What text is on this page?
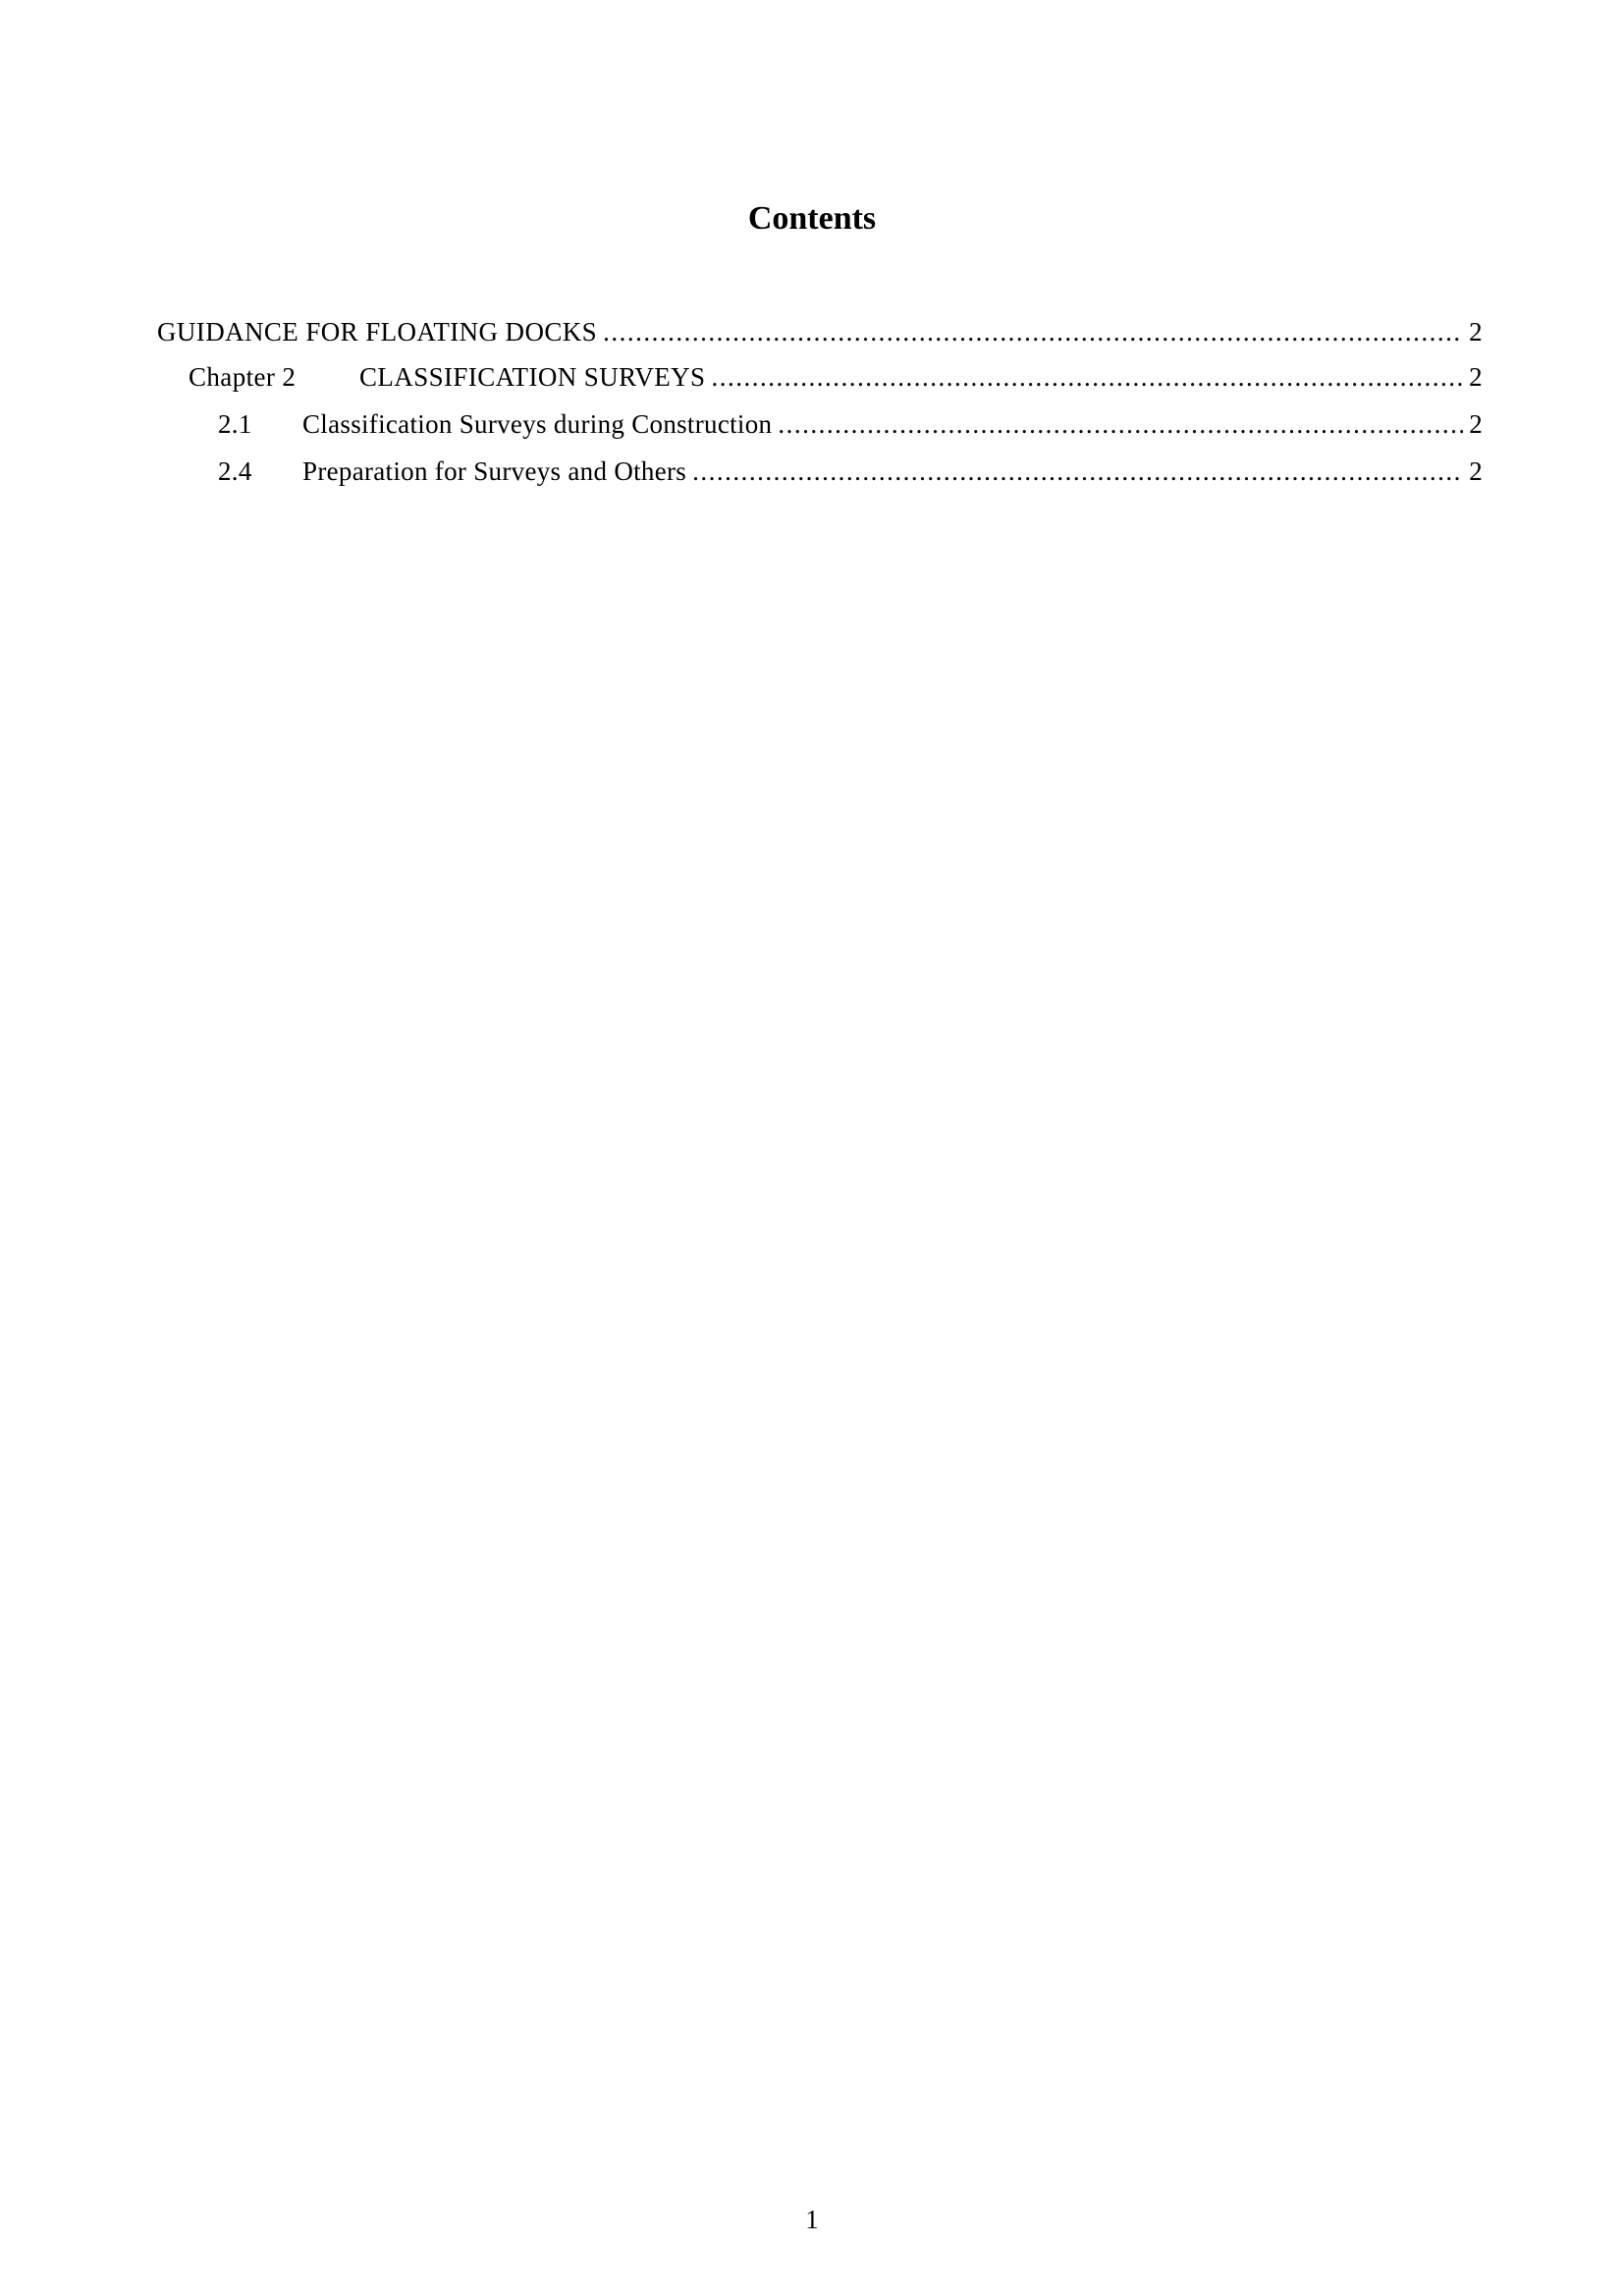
Contents
GUIDANCE FOR FLOATING DOCKS .....	2
Chapter 2	CLASSIFICATION SURVEYS .....	2
2.1	Classification Surveys during Construction .....	2
2.4	Preparation for Surveys and Others .....	2
1
